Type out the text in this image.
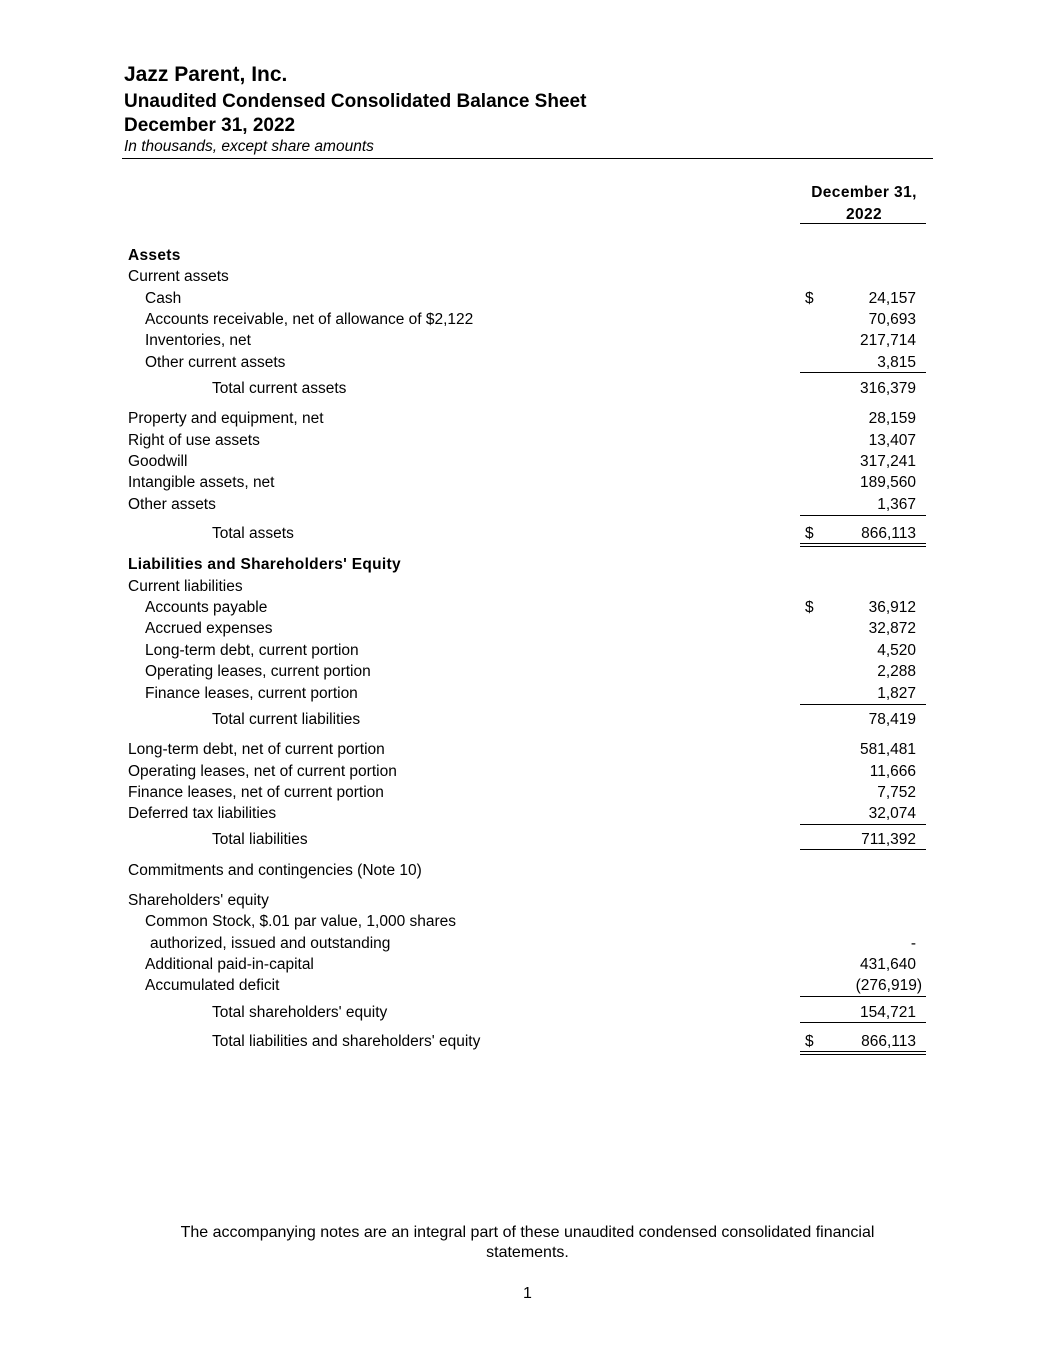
Jazz Parent, Inc.
Unaudited Condensed Consolidated Balance Sheet
December 31, 2022
In thousands, except share amounts
December 31,
2022
Assets
Current assets
Cash	$	24,157
Accounts receivable, net of allowance of $2,122	70,693
Inventories, net	217,714
Other current assets	3,815
Total current assets	316,379
Property and equipment, net	28,159
Right of use assets	13,407
Goodwill	317,241
Intangible assets, net	189,560
Other assets	1,367
Total assets	$	866,113
Liabilities and Shareholders' Equity
Current liabilities
Accounts payable	$	36,912
Accrued expenses	32,872
Long-term debt, current portion	4,520
Operating leases, current portion	2,288
Finance leases, current portion	1,827
Total current liabilities	78,419
Long-term debt, net of current portion	581,481
Operating leases, net of current portion	11,666
Finance leases, net of current portion	7,752
Deferred tax liabilities	32,074
Total liabilities	711,392
Commitments and contingencies (Note 10)
Shareholders' equity
Common Stock, $.01 par value, 1,000 shares
authorized, issued and outstanding	-
Additional paid-in-capital	431,640
Accumulated deficit	(276,919)
Total shareholders' equity	154,721
Total liabilities and shareholders' equity	$	866,113
The accompanying notes are an integral part of these unaudited condensed consolidated financial statements.
1
